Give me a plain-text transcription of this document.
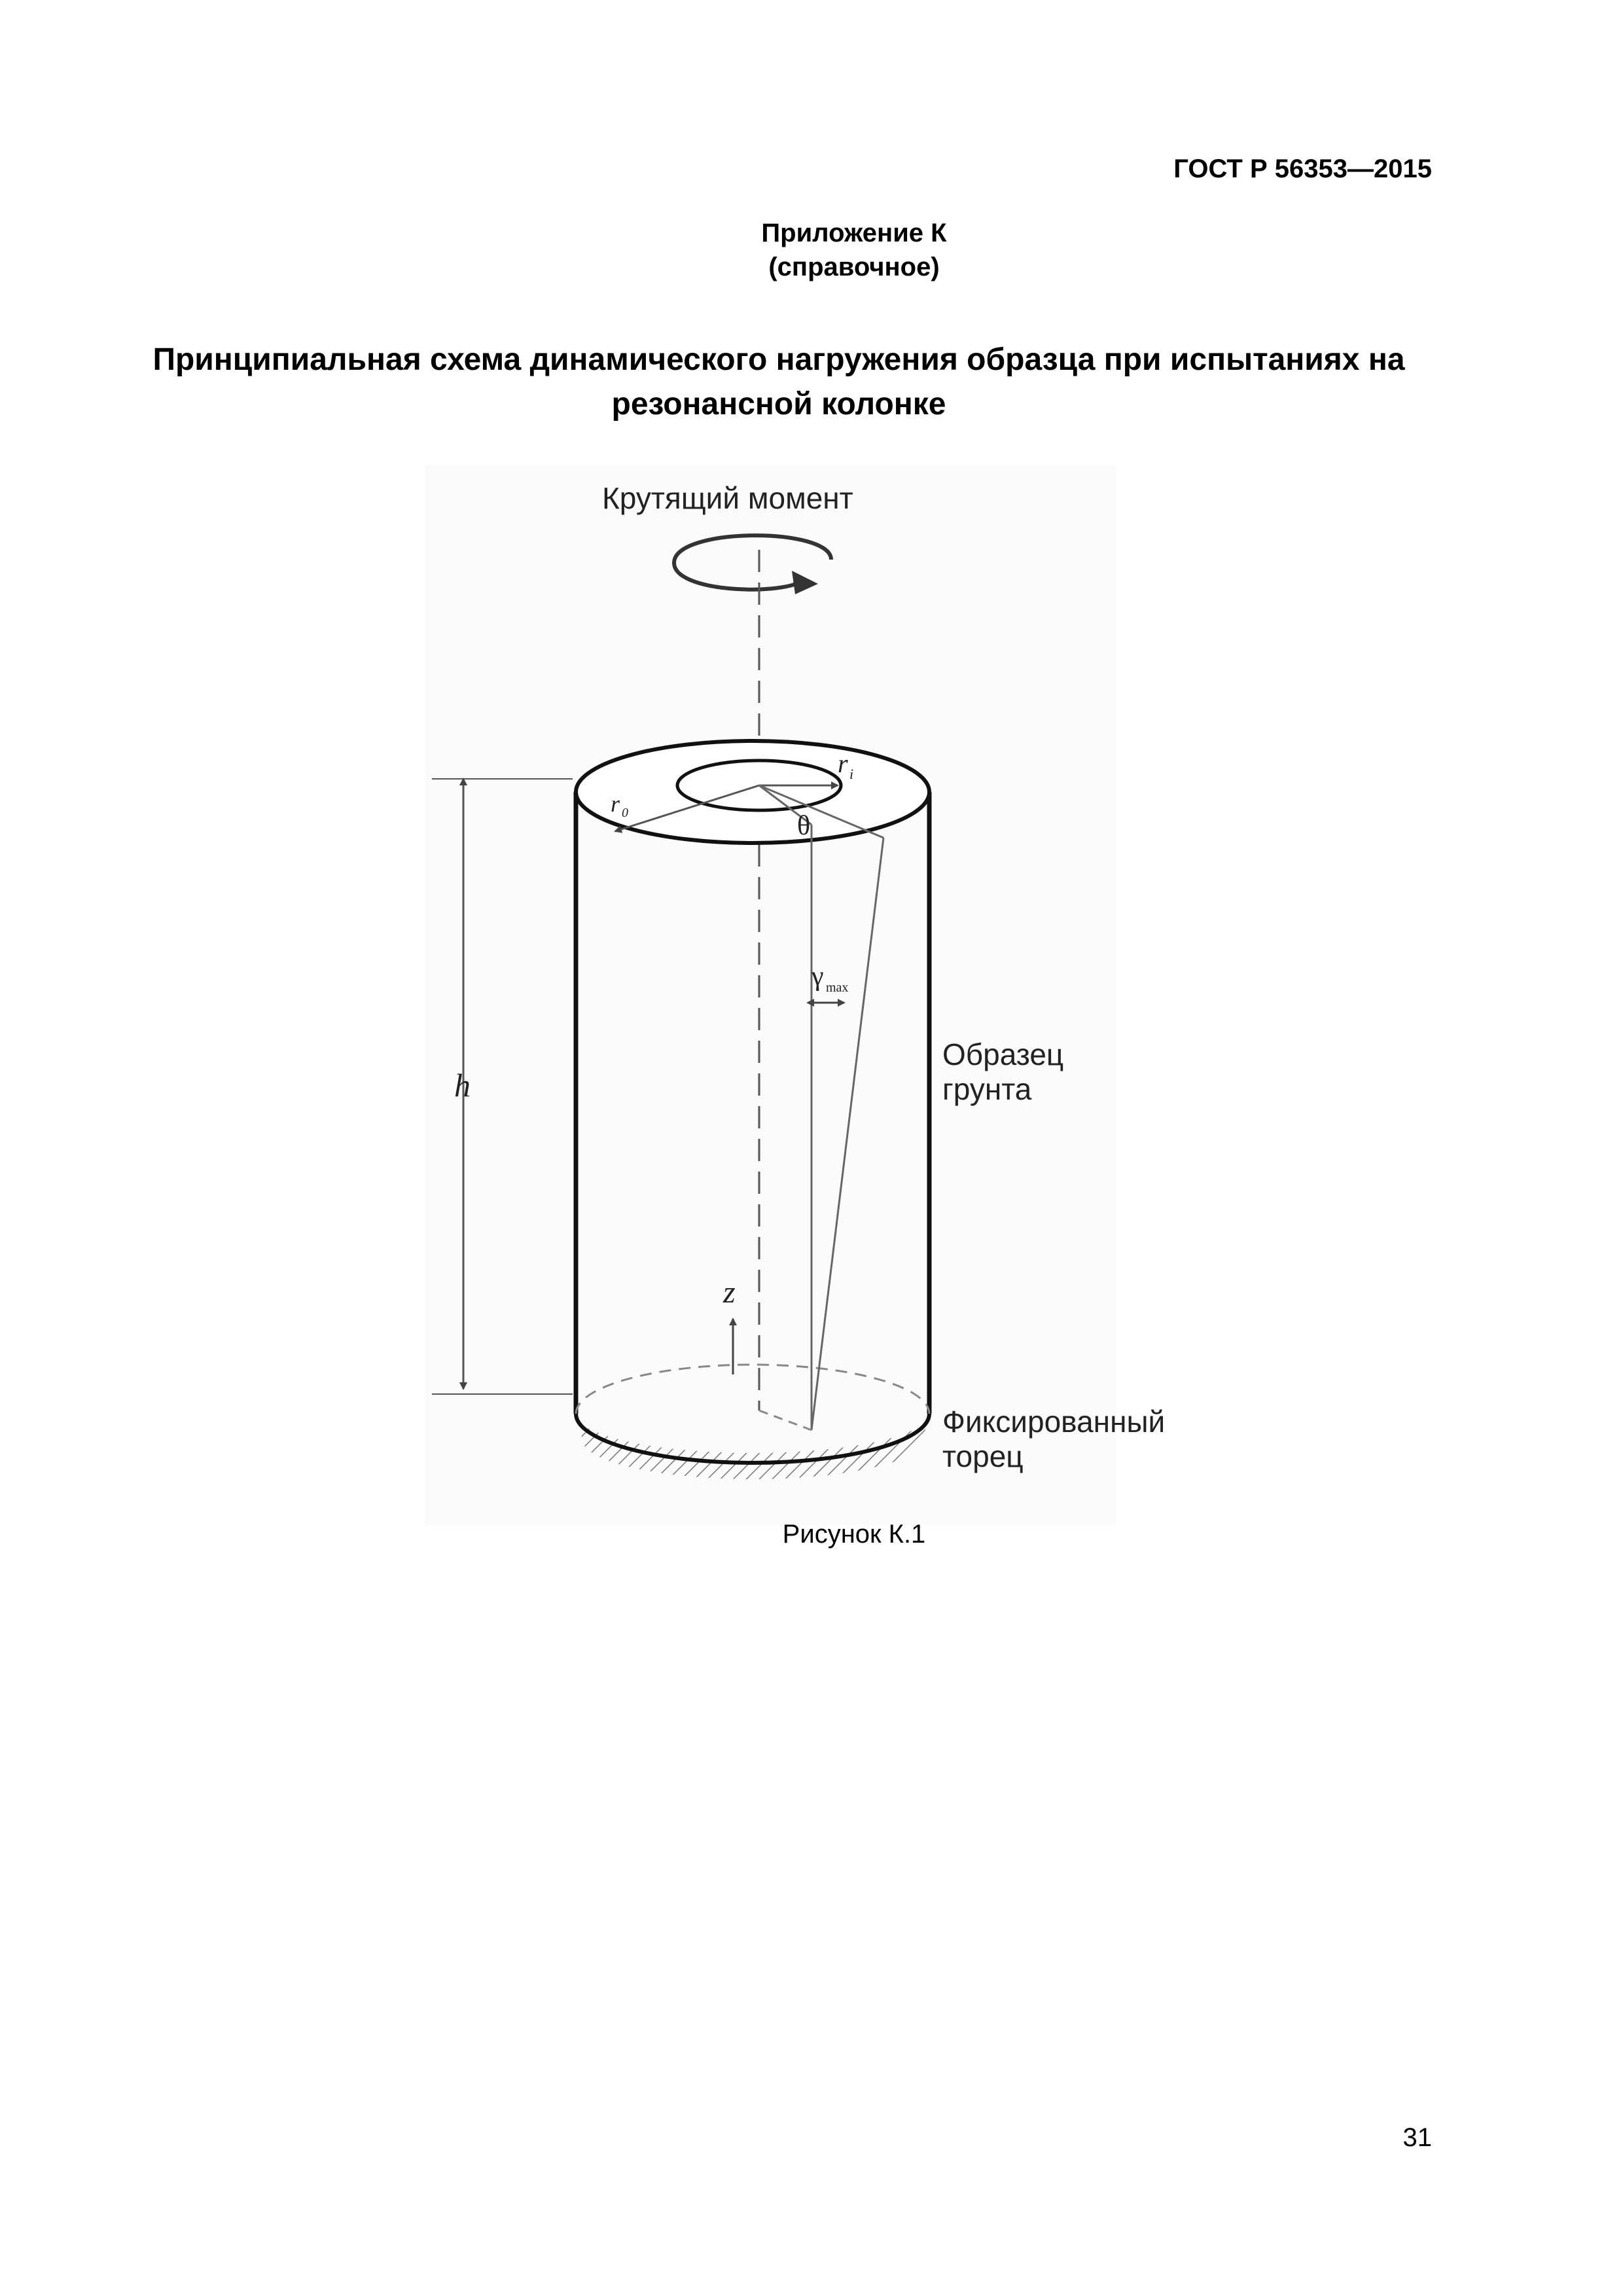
ГОСТ Р 56353—2015
Приложение К
(справочное)
Принципиальная схема динамического нагружения образца при испытаниях на
резонансной колонке
Крутящий момент
h
z
r 0
r i
θ
γ max
Образец
грунта
Фиксированный
торец
Рисунок К.1
31
